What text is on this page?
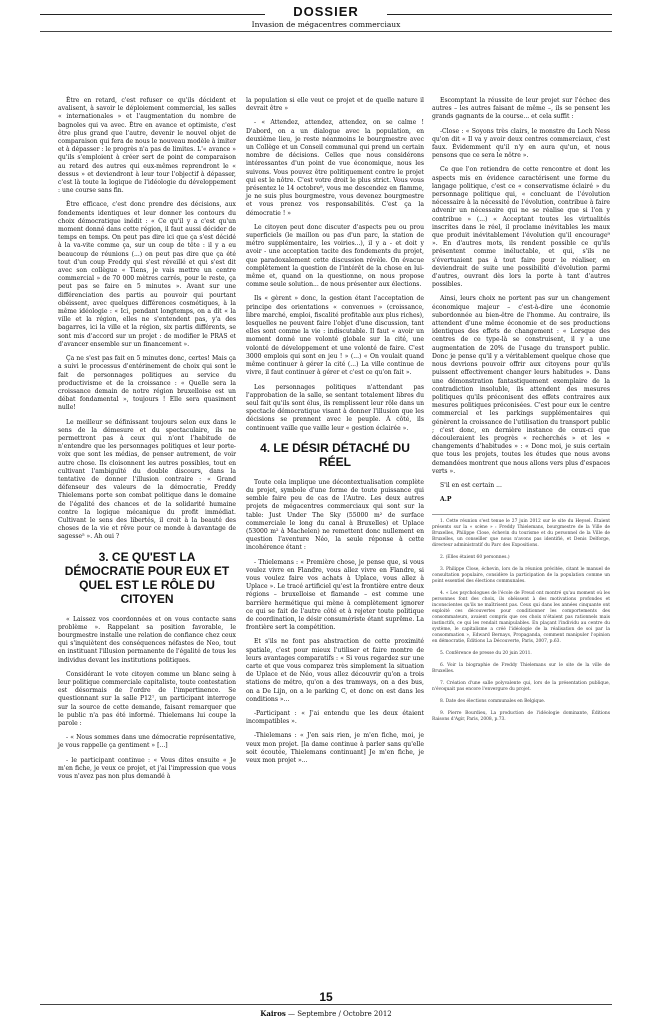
DOSSIER
Invasion de mégacentres commerciaux

Être en retard, c'est refuser ce qu'ils décident et avalisent, à savoir le déploiement commercial, les salles « internationales » et l'augmentation du nombre de bagnoles qui va avec. Être en avance et optimiste, c'est être plus grand que l'autre, devenir le nouvel objet de comparaison qui fera de nous le nouveau modèle à imiter et à dépasser : le progrès n'a pas de limites. L'« avance » qu'ils s'emploient à créer sert de point de comparaison au retard des autres qui eux-mêmes reprendront le « dessus » et deviendront à leur tour l'objectif à dépasser, c'est là toute la logique de l'idéologie du développement : une course sans fin.

Être efficace, c'est donc prendre des décisions, aux fondements identiques et leur donner les contours du choix démocratique inédit : « Ce qu'il y a c'est qu'un moment donné dans cette région, il faut aussi décider de temps en temps. On peut pas dire ici que ça s'est décidé à la va-vite comme ça, sur un coup de tête : il y a eu beaucoup de réunions (...) on peut pas dire que ça été tout d'un coup Freddy qui s'est réveillé et qui s'est dit avec son collègue « Tiens, je vais mettre un centre commercial » de 70 000 mètres carrés, pour le reste, ça peut pas se faire en 5 minutes ». Avant sur une différenciation des partis au pouvoir qui pourtant obéissent, avec quelques différences cosmétiques, à la même idéologie : « Ici, pendant longtemps, on a dit « la ville et la région, elles ne s'entendent pas, y'a des bagarres, ici la ville et la région, six partis différents, se sont mis d'accord sur un projet : de modifier le PRAS et d'avancer ensemble sur un financement ».

Ça ne s'est pas fait en 5 minutes donc, certes! Mais ça a suivi le processus d'entérinement de choix qui sont le fait de personnages politiques au service du productivisme et de la croissance : « Quelle sera la croissance demain de notre région bruxelloise est un débat fondamental », toujours ! Elle sera quasiment nulle!

Le meilleur se définissant toujours selon eux dans le sens de la démesure et du spectaculaire, ils ne permettront pas à ceux qui n'ont l'habitude de n'entendre que les personnages politiques et leur porte-voix que sont les médias, de penser autrement, de voir autre chose. Ils cloisonnent les autres possibles, tout en cultivant l'ambiguïté du double discours, dans la tentative de donner l'illusion contraire : « Grand défenseur des valeurs de la démocratie, Freddy Thielemans porte son combat politique dans le domaine de l'égalité des chances et de la solidarité humaine contre la logique mécanique du profit immédiat. Cultivant le sens des libertés, il croit à la beauté des choses de la vie et rêve pour ce monde à davantage de sagesse⁵ ». Ah oui ?

3. CE QU'EST LA DÉMOCRATIE POUR EUX ET QUEL EST LE RÔLE DU CITOYEN

« Laissez vos coordonnées et on vous contacte sans problème ». Rappelant sa position favorable, le bourgmestre installe une relation de confiance chez ceux qui s'inquiètent des conséquences néfastes de Neo, tout en instituant l'illusion permanente de l'égalité de tous les individus devant les institutions politiques.

Considérant le vote citoyen comme un blanc seing à leur politique commerciale capitaliste, toute contestation est désormais de l'ordre de l'impertinence. Se questionnant sur la salle P12⁷, un participant interroge sur la source de cette demande, faisant remarquer que le public n'a pas été informé. Thielemans lui coupe la parole :

- « Nous sommes dans une démocratie représentative, je vous rappelle ça gentiment » [...]

- le participant continue : « Vous dites ensuite « Je m'en fiche, je veux ce projet, et j'ai l'impression que vous vous n'avez pas non plus demandé à

la population si elle veut ce projet et de quelle nature il devrait être »

- « Attendez, attendez, attendez, on se calme ! D'abord, on a un dialogue avec la population, en deuxième lieu, je reste néanmoins le bourgmestre avec un Collège et un Conseil communal qui prend un certain nombre de décisions. Celles que nous considérons intéressantes d'un point de vue économique, nous les suivons. Vous pouvez être politiquement contre le projet qui est le nôtre. C'est votre droit le plus strict. Vous vous présentez le 14 octobre⁸, vous me descendez en flamme, je ne suis plus bourgmestre, vous devenez bourgmestre et vous prenez vos responsabilités. C'est ça la démocratie ! »

Le citoyen peut donc discuter d'aspects peu ou prou superficiels (le maillon ou pas d'un parc, la station de métro supplémentaire, les voiries...), il y a - et doit y avoir - une acceptation tacite des fondements du projet, que paradoxalement cette discussion révèle. On évacue complètement la question de l'intérêt de la chose en lui-même et, quand on la questionne, on nous propose comme seule solution... de nous présenter aux élections.

Ils « gèrent » donc, la gestion étant l'acceptation de principe des orientations « convenues » (croissance, libre marché, emploi, fiscalité profitable aux plus riches), lesquelles ne peuvent faire l'objet d'une discussion, tant elles sont comme la vie : indiscutable. Il faut « avoir un moment donné une volonté globale sur la cité, une volonté de développement et une volonté de faire. C'est 3000 emplois qui sont en jeu ! » (...) « On voulait quand même continuer à gérer la cité (...) La ville continue de vivre, il faut continuer à gérer et c'est ce qu'on fait ».

Les personnages politiques n'attendant pas l'approbation de la salle, se sentant totalement libres du seul fait qu'ils sont élus, ils remplissent leur rôle dans un spectacle démocratique visant à donner l'illusion que les décisions se prennent avec le peuple. À côté, ils continuent vaille que vaille leur « gestion éclairée ».

4. LE DÉSIR DÉTACHÉ DU RÉEL

Toute cela implique une décontextualisation complète du projet, symbole d'une forme de toute puissance qui semble faire peu de cas de l'Autre. Les deux autres projets de mégacentres commerciaux qui sont sur la table: Just Under The Sky (55000 m² de surface commerciale le long du canal à Bruxelles) et Uplace (53000 m² à Machelen) ne remettent donc nullement en question l'aventure Néo, la seule réponse à cette incohérence étant :

- Thielemans : « Première chose, je pense que, si vous voulez vivre en Flandre, vous allez vivre en Flandre, si vous voulez faire vos achats à Uplace, vous allez à Uplace ». Le tracé artificiel qu'est la frontière entre deux régions – bruxelloise et flamande – est comme une barrière hermétique qui mène à complètement ignorer ce qui se fait de l'autre côté et à rejeter toute politique de coordination, le désir consumériste étant suprême. La frontière sert la compétition.

Et s'ils ne font pas abstraction de cette proximité spatiale, c'est pour mieux l'utiliser et faire montre de leurs avantages comparatifs : « Si vous regardez sur une carte et que vous comparez très simplement la situation de Uplace et de Néo, vous allez découvrir qu'on a trois stations de métro, qu'on a des tramways, on a des bus, on a De Lijn, on a le parking C, et donc on est dans les conditions »...

-Participant : « J'ai entendu que les deux étaient incompatibles ».

-Thielemans : « J'en sais rien, je m'en fiche, moi, je veux mon projet. [la dame continue à parler sans qu'elle soit écoutée, Thielemans continuant] Je m'en fiche, je veux mon projet »...

Escomptant la réussite de leur projet sur l'échec des autres – les autres faisant de même –, ils se pensent les grands gagnants de la course... et cela suffit :

-Close : « Soyons très clairs, le monstre du Loch Ness qu'on dit « Il va y avoir deux centres commerciaux, c'est faux. Évidemment qu'il n'y en aura qu'un, et nous pensons que ce sera le nôtre ».

Ce que l'on retiendra de cette rencontre et dont les aspects mis en évidence caractérisent une forme du langage politique, c'est ce « conservatisme éclairé » du personnage politique qui, « concluant de l'évolution nécessaire à la nécessité de l'évolution, contribue à faire advenir un nécessaire qui ne se réalise que si l'on y contribue » (...) « Acceptant toutes les virtualités inscrites dans le réel, il proclame inévitables les maux que produit inévitablement l'évolution qu'il encourage⁹ ». En d'autres mots, ils rendent possible ce qu'ils présentent comme inéluctable, et qui, s'ils ne s'évertuaient pas à tout faire pour le réaliser, en deviendrait de suite une possibilité d'évolution parmi d'autres, ouvrant dès lors la porte à tant d'autres possibles.

Ainsi, leurs choix ne portent pas sur un changement économique majeur – c'est-à-dire une économie subordonnée au bien-être de l'homme. Au contraire, ils attendent d'une même économie et de ses productions identiques des effets de changement : « Lorsque des centres de ce type-là se construisent, il y a une augmentation de 20% de l'usage du transport public. Donc je pense qu'il y a véritablement quelque chose que nous devrions pouvoir offrir aux citoyens pour qu'ils puissent effectivement changer leurs habitudes ». Dans une démonstration fantastiquement exemplaire de la contradiction insoluble, ils attendent des mesures politiques qu'ils préconisent des effets contraires aux mesures politiques préconisées. C'est pour eux le centre commercial et les parkings supplémentaires qui génèrent la croissance de l'utilisation du transport public ; c'est donc, en dernière instance de ceux-ci que découleraient les progrès « recherchés » et les « changements d'habitudes » : « Donc moi, je suis certain que tous les projets, toutes les études que nous avons demandées montrent que nous allons vers plus d'espaces verts ».

S'il en est certain ...

A.P

1. Cette réunion s'est tenue le 27 juin 2012 sur le site du Heysel. Étaient présents sur la « scène » : Freddy Thielemans, bourgmestre de la Ville de Bruxelles, Philippe Close, échevin du tourisme et du personnel de la Ville de Bruxelles, un conseiller que nous n'avons pas identifié, et Denis Delforge, directeur administratif du Parc des Expositions.

2. (Elles étaient 60 personnes.)

3. Philippe Close, échevin, lors de la réunion précitée, citant le manuel de consultation populaire, considère la participation de la population comme un point essentiel des élections communales.

4. « Les psychologues de l'école de Freud ont montré qu'au moment où les personnes font des choix, ils obéissent à des motivations profondes et inconscientes qu'ils ne maîtrisent pas. Ceux qui dans les années cinquante ont exploité ces découvertes pour conditionner les comportements des consommateurs, avaient compris que ces choix n'étaient pas rationnels mais instinctifs, ce qui les rendait manipulables. En plaçant l'individu au centre du système, le capitalisme a créé l'idéologie de la réalisation de soi par la consommation », Edward Bernays, Propaganda, comment manipuler l'opinion en démocratie, Éditions La Découverte, Paris, 2007, p.63.

5. Conférence de presse du 20 juin 2011.

6. Voir la biographie de Freddy Thielemans sur le site de la ville de Bruxelles.

7. Création d'une salle polyvalente qui, lors de la présentation publique, n'évoquait pas encore l'envergure du projet.

8. Date des élections communales en Belgique.

9. Pierre Bourdieu, La production de l'idéologie dominante, Éditions Raisons d'Agir, Paris, 2008, p.73.

15
Kairos — Septembre / Octobre 2012
